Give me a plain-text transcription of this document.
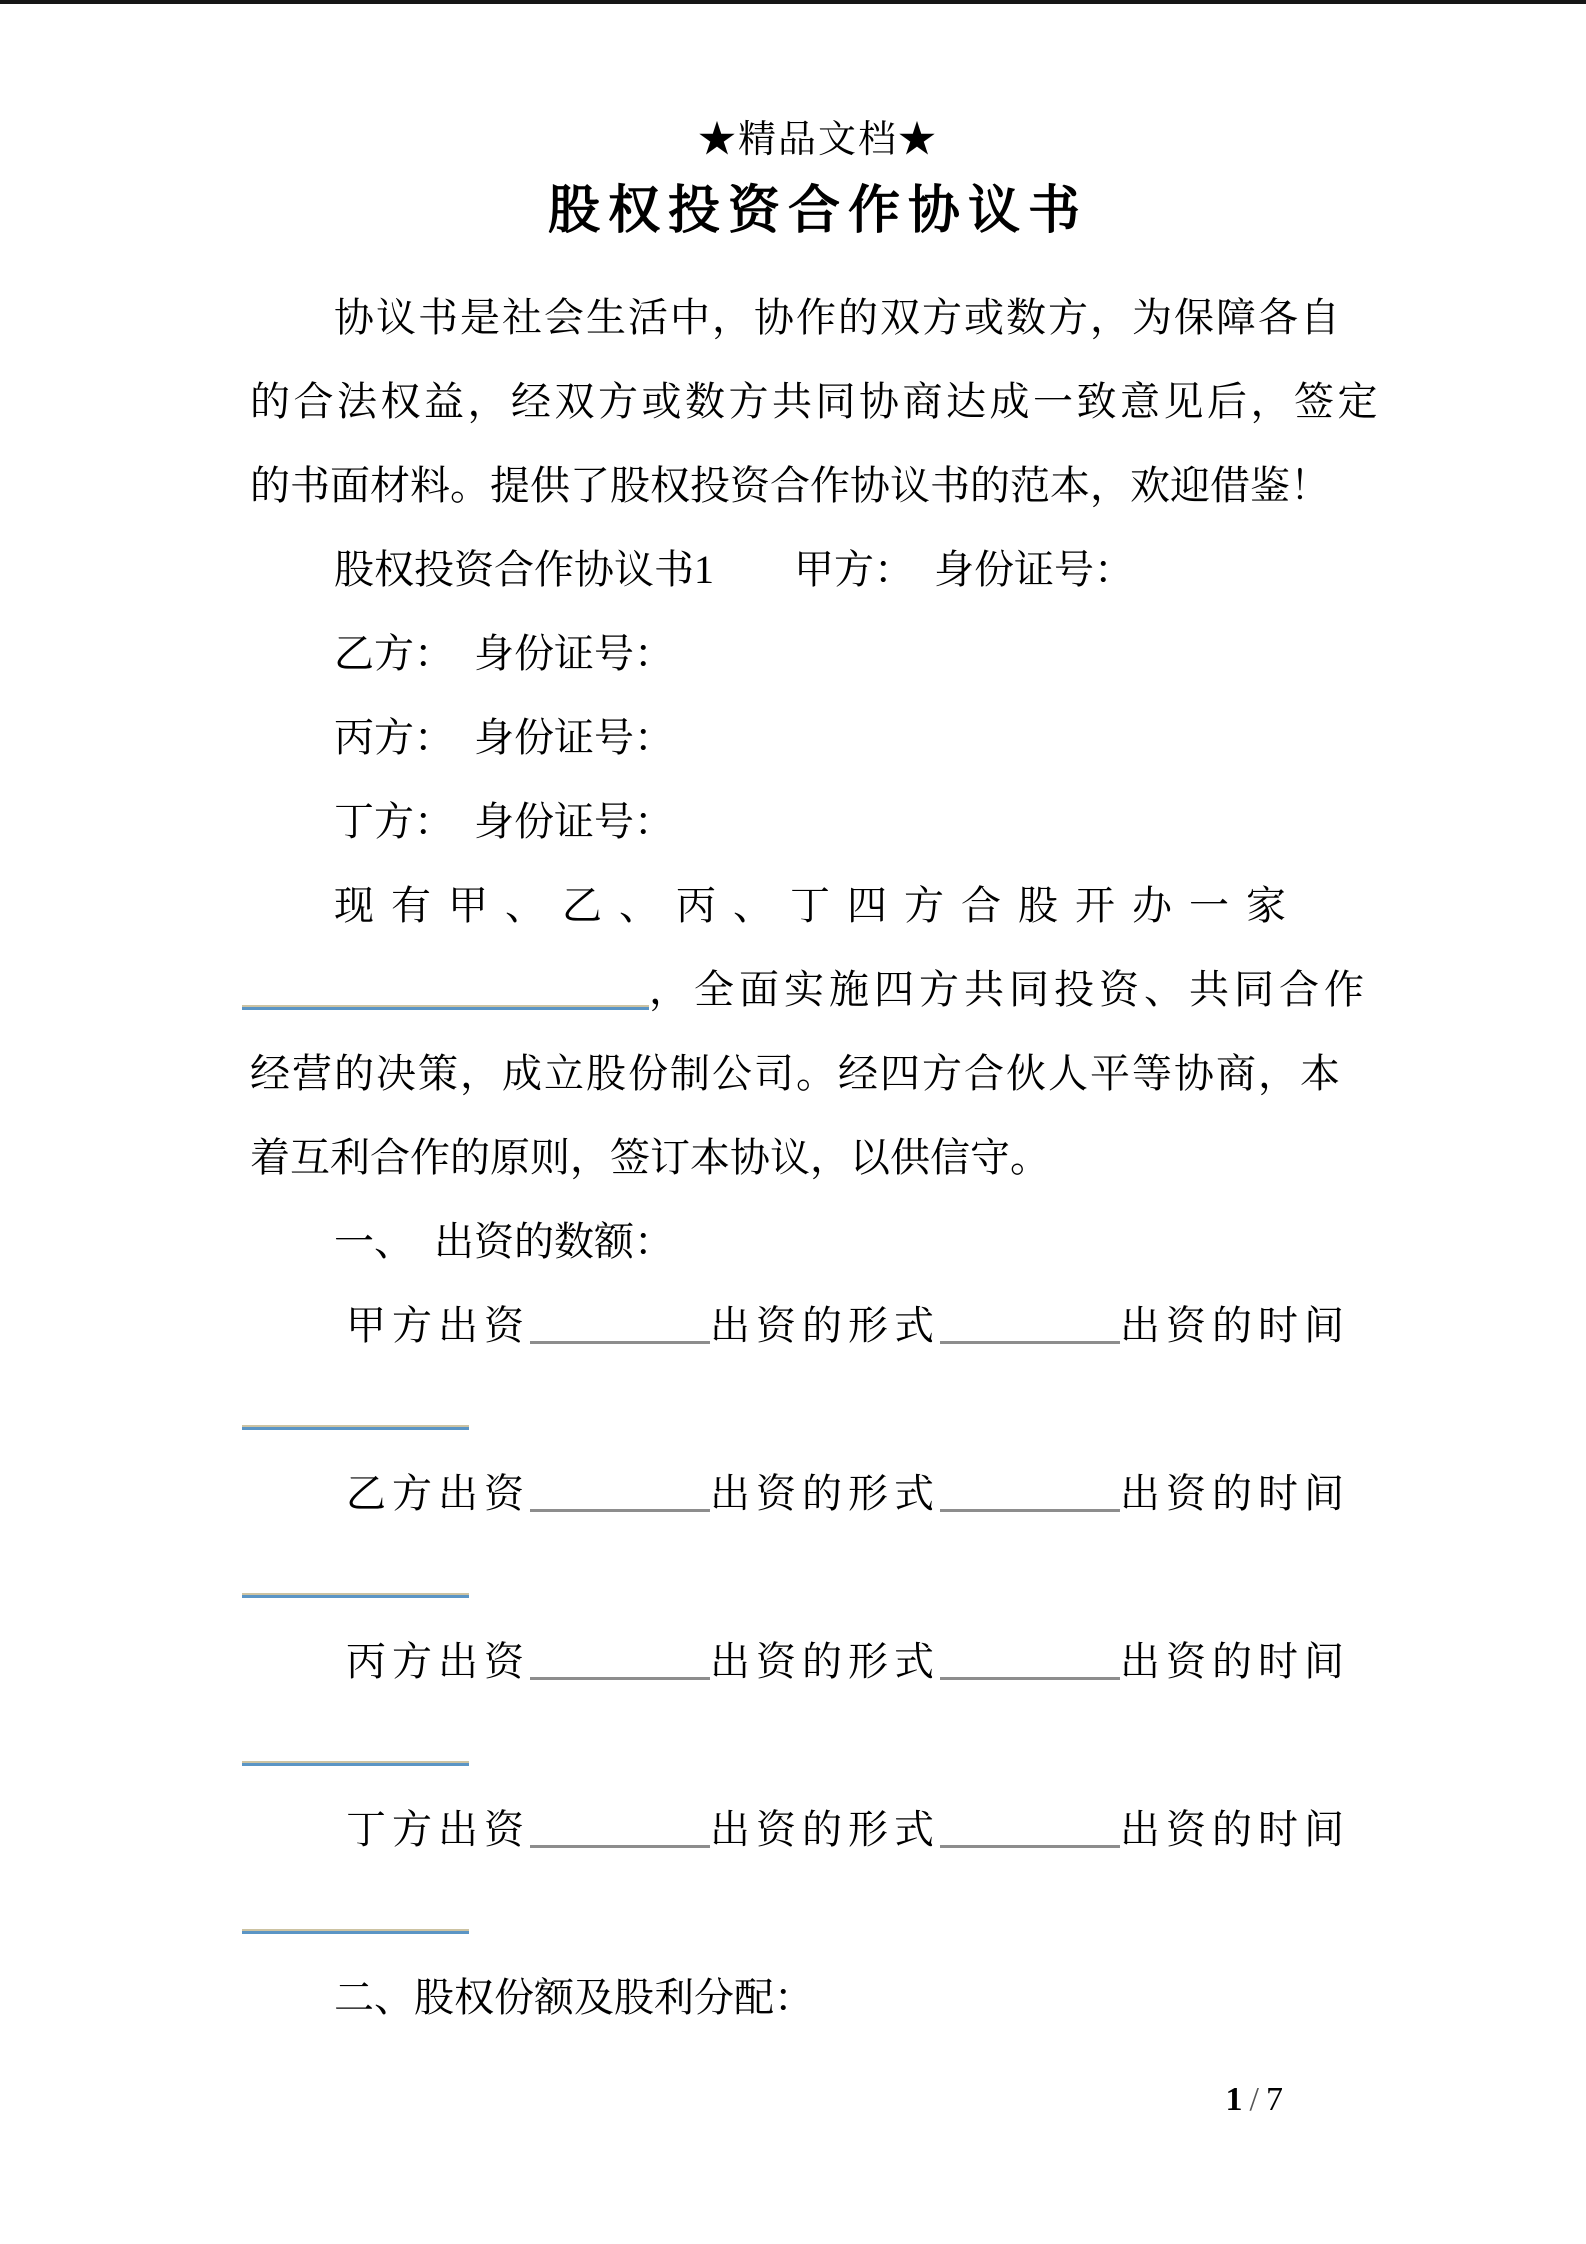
★精品文档★
股权投资合作协议书

协议书是社会生活中，协作的双方或数方，为保障各自

的合法权益，经双方或数方共同协商达成一致意见后，签定

的书面材料。提供了股权投资合作协议书的范本，欢迎借鉴！

股权投资合作协议书1　　甲方：　身份证号：

乙方：　身份证号：

丙方：　身份证号：

丁方：　身份证号：

现有甲、乙、丙、丁四方合股开办一家

，全面实施四方共同投资、共同合作

经营的决策，成立股份制公司。经四方合伙人平等协商，本

着互利合作的原则，签订本协议，以供信守。

一、　出资的数额：

甲方出资	出资的形式	出资的时间

乙方出资	出资的形式	出资的时间

丙方出资	出资的形式	出资的时间

丁方出资	出资的形式	出资的时间

二、股权份额及股利分配：

1 / 7
